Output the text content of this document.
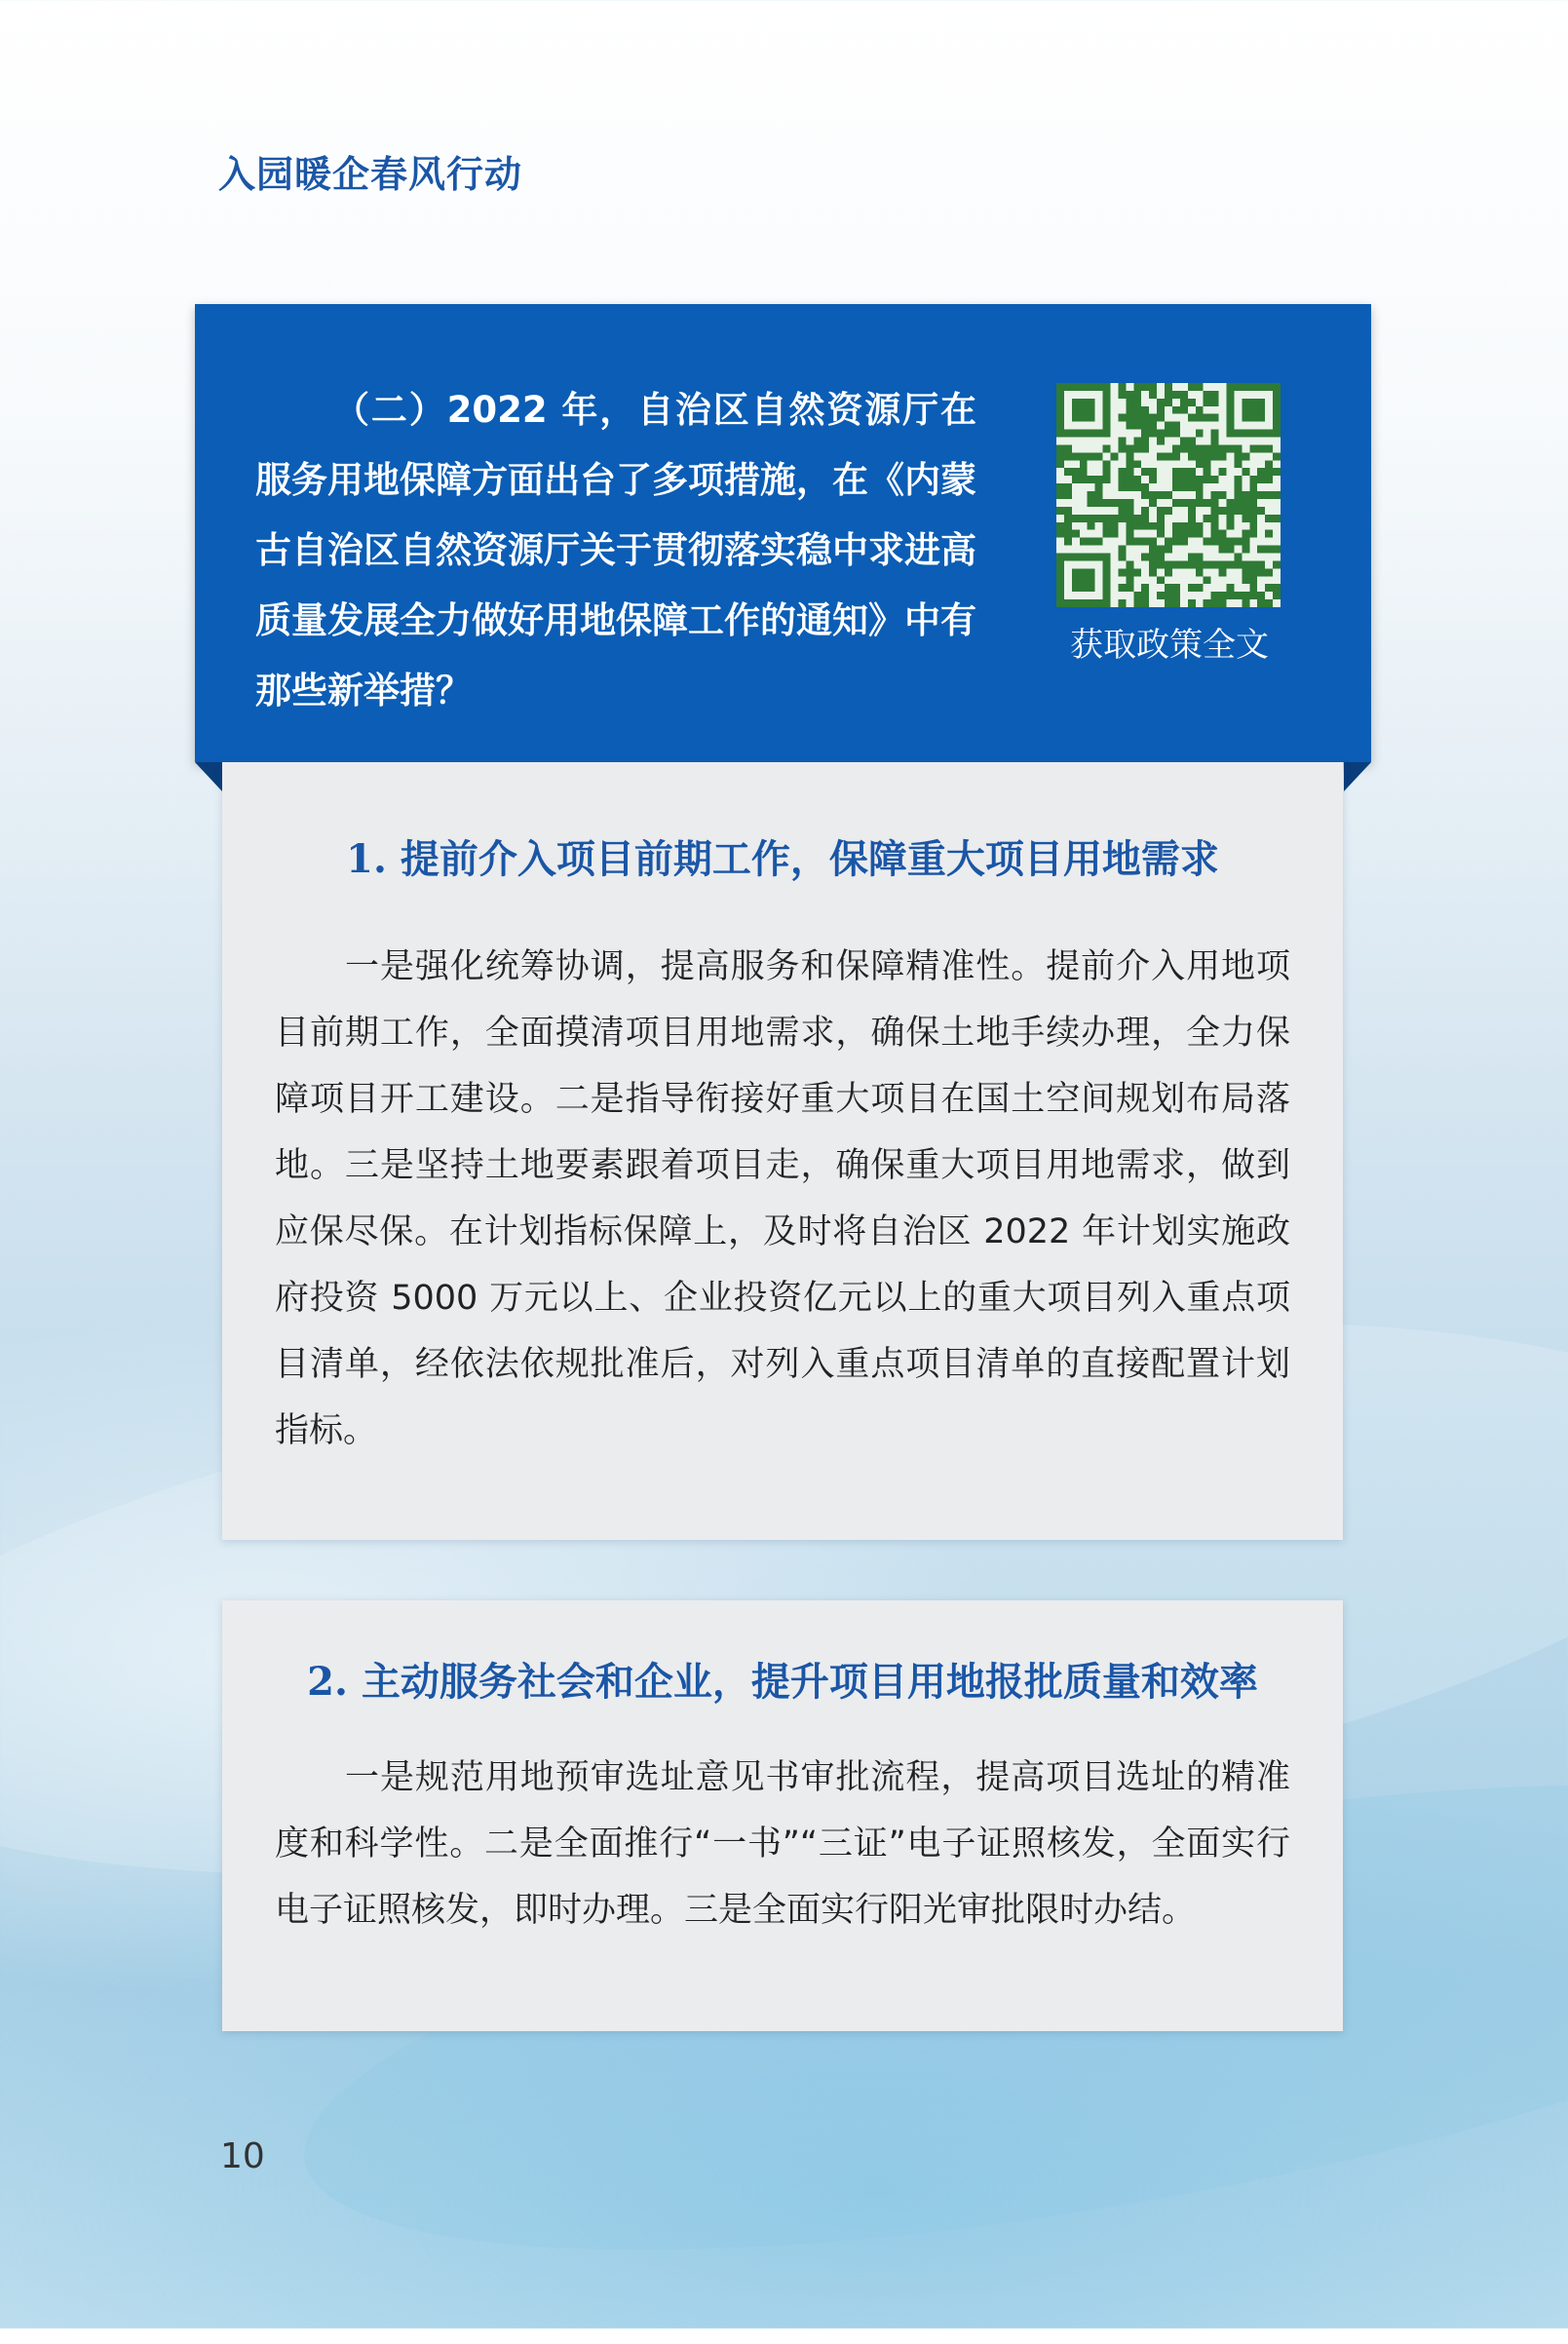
入园暖企春风行动
（二）2022 年，自治区自然资源厅在服务用地保障方面出台了多项措施，在《内蒙古自治区自然资源厅关于贯彻落实稳中求进高质量发展全力做好用地保障工作的通知》中有那些新举措？
获取政策全文
1. 提前介入项目前期工作，保障重大项目用地需求
一是强化统筹协调，提高服务和保障精准性。提前介入用地项目前期工作，全面摸清项目用地需求，确保土地手续办理，全力保障项目开工建设。二是指导衔接好重大项目在国土空间规划布局落地。三是坚持土地要素跟着项目走，确保重大项目用地需求，做到应保尽保。在计划指标保障上，及时将自治区 2022 年计划实施政府投资 5000 万元以上、企业投资亿元以上的重大项目列入重点项目清单，经依法依规批准后，对列入重点项目清单的直接配置计划指标。
2. 主动服务社会和企业，提升项目用地报批质量和效率
一是规范用地预审选址意见书审批流程，提高项目选址的精准度和科学性。二是全面推行“一书”“三证”电子证照核发，全面实行电子证照核发，即时办理。三是全面实行阳光审批限时办结。
10
